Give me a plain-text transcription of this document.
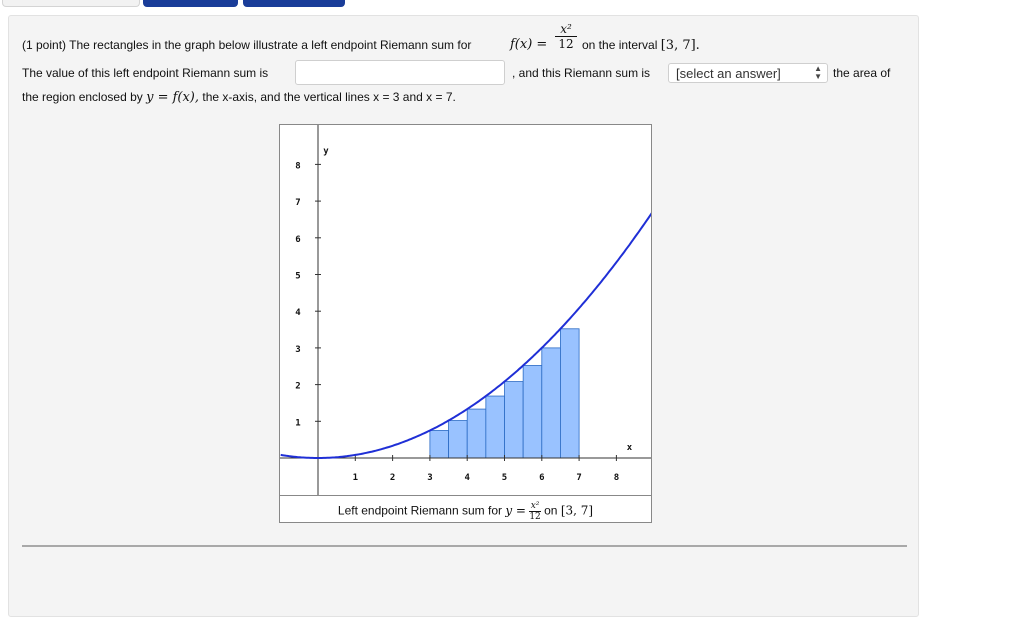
(1 point) The rectangles in the graph below illustrate a left endpoint Riemann sum for	$f(x) = \frac{\text{x²}}{12}$ on the interval [3, 7].
The value of this left endpoint Riemann sum is	, and this Riemann sum is	[select an answer]	▲
▼ the area of
the region enclosed by y = f(x), the x-axis, and the vertical lines x = 3 and x = 7.
1	2	3	4	5	6	7	8
1
2
3
4
5
6
7
8
x
y
Left endpoint Riemann sum for $y = \frac{\text{x²}}{12}$ on [3, 7]
